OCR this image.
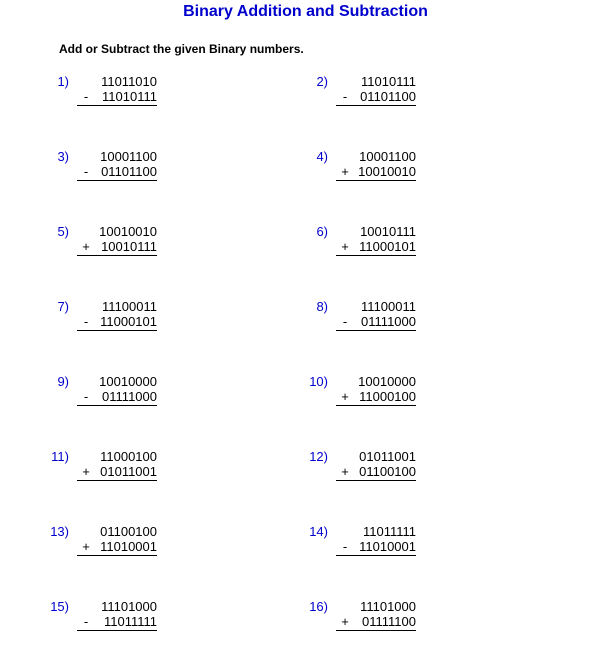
Binary Addition and Subtraction
Add or Subtract the given Binary numbers.
1)	11011010
- 11010111
2)	11010111
- 01101100
3)	10001100
- 01101100
4)	10001100
+ 10010010
5)	10010010
+ 10010111
6)	10010111
+ 11000101
7)	11100011
- 11000101
8)	11100011
- 01111000
9)	10010000
- 01111000
10)	10010000
+ 11000100
11)	11000100
+ 01011001
12)	01011001
+ 01100100
13)	01100100
+ 11010001
14)	11011111
- 11010001
15)	11101000
- 11011111
16)	11101000
+ 01111100
